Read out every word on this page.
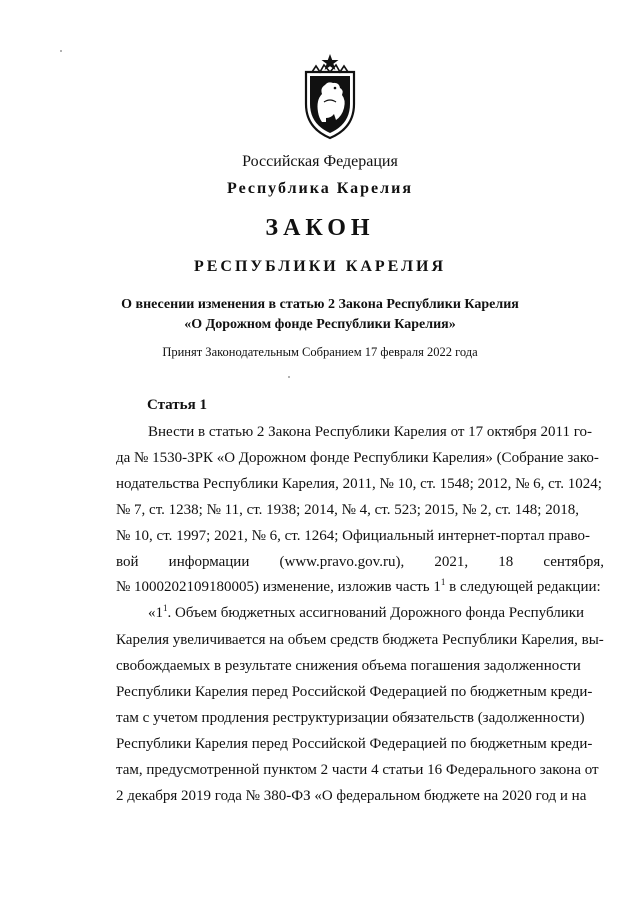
Российская Федерация
Республика Карелия
ЗАКОН
РЕСПУБЛИКИ КАРЕЛИЯ
О внесении изменения в статью 2 Закона Республики Карелия
«О Дорожном фонде Республики Карелия»
Принят Законодательным Собранием 17 февраля 2022 года
Статья 1
Внести в статью 2 Закона Республики Карелия от 17 октября 2011 го-
да № 1530-ЗРК «О Дорожном фонде Республики Карелия» (Собрание зако-
нодательства Республики Карелия, 2011, № 10, ст. 1548; 2012, № 6, ст. 1024;
№ 7, ст. 1238; № 11, ст. 1938; 2014, № 4, ст. 523; 2015, № 2, ст. 148; 2018,
№ 10, ст. 1997; 2021, № 6, ст. 1264; Официальный интернет-портал право-
вой информации (www.pravo.gov.ru), 2021, 18 сентября,
№ 1000202109180005) изменение, изложив часть $1^1$ в следующей редакции:
«$1^1$. Объем бюджетных ассигнований Дорожного фонда Республики
Карелия увеличивается на объем средств бюджета Республики Карелия, вы-
свобождаемых в результате снижения объема погашения задолженности
Республики Карелия перед Российской Федерацией по бюджетным креди-
там с учетом продления реструктуризации обязательств (задолженности)
Республики Карелия перед Российской Федерацией по бюджетным креди-
там, предусмотренной пунктом 2 части 4 статьи 16 Федерального закона от
2 декабря 2019 года № 380-ФЗ «О федеральном бюджете на 2020 год и на
